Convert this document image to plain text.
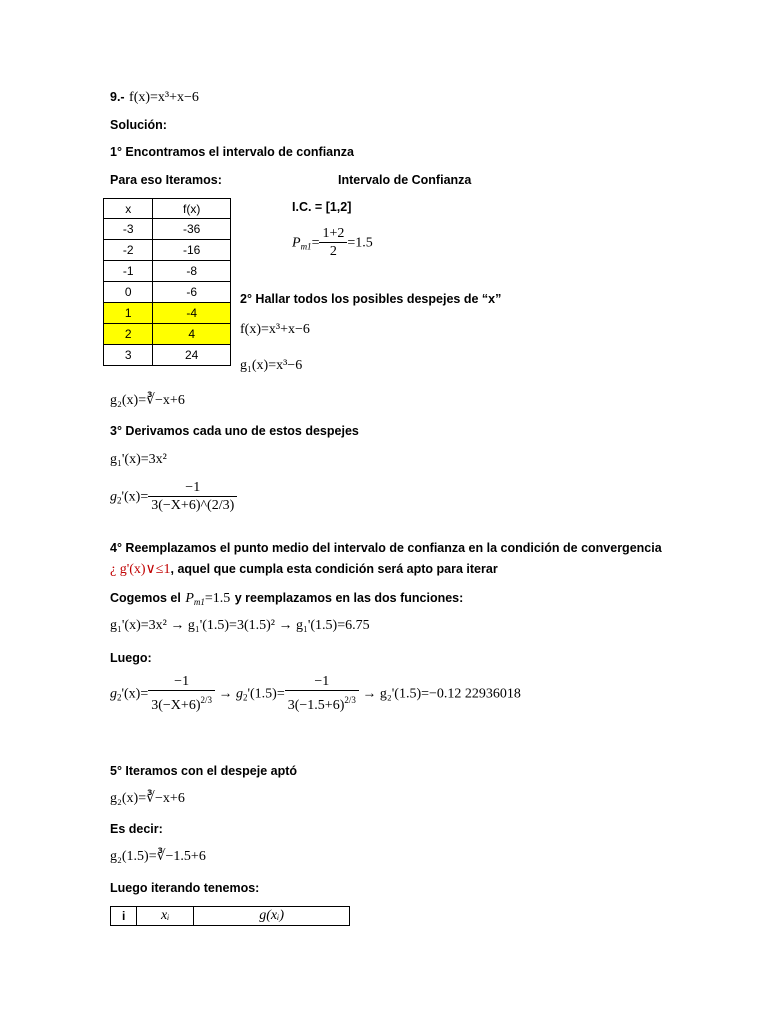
9.- f(x)=x³+x−6
Solución:
1° Encontramos el intervalo de confianza
Para eso Iteramos:	Intervalo de Confianza
x	f(x)
-3	-36
-2	-16
-1	-8
0	-6
1	-4
2	4
3	24
I.C. = [1,2]
$P_{m1}= \frac{1+2}{2} =1.5$
2° Hallar todos los posibles despejes de “x”
f(x)=x³+x−6
g₁(x)=x³−6
g₂(x)=∛−x+6
3° Derivamos cada uno de estos despejes
g₁'(x)=3x²
$g_2'(x)= \frac{-1}{3(-X+6)\^{}(2/3)}$
4° Reemplazamos el punto medio del intervalo de confianza en la condición de convergencia
¿ g'(x)∨≤1, aquel que cumpla esta condición será apto para iterar
Cogemos el $P_{m1}=1.5$ y reemplazamos en las dos funciones:
g₁'(x)=3x² → g₁'(1.5)=3(1.5)² → g₁'(1.5)=6.75
Luego:
$g_2'(x)= \frac{-1}{3(-X+6)^{2/3}} \to g_2'(1.5)= \frac{-1}{3(-1.5+6)^{2/3}} \to g_2'(1.5)=-0.12$ 22936018
5° Iteramos con el despeje aptó
g₂(x)=∛−x+6
Es decir:
g₂(1.5)=∛−1.5+6
Luego iterando tenemos:
i	xᵢ	g(xᵢ)
